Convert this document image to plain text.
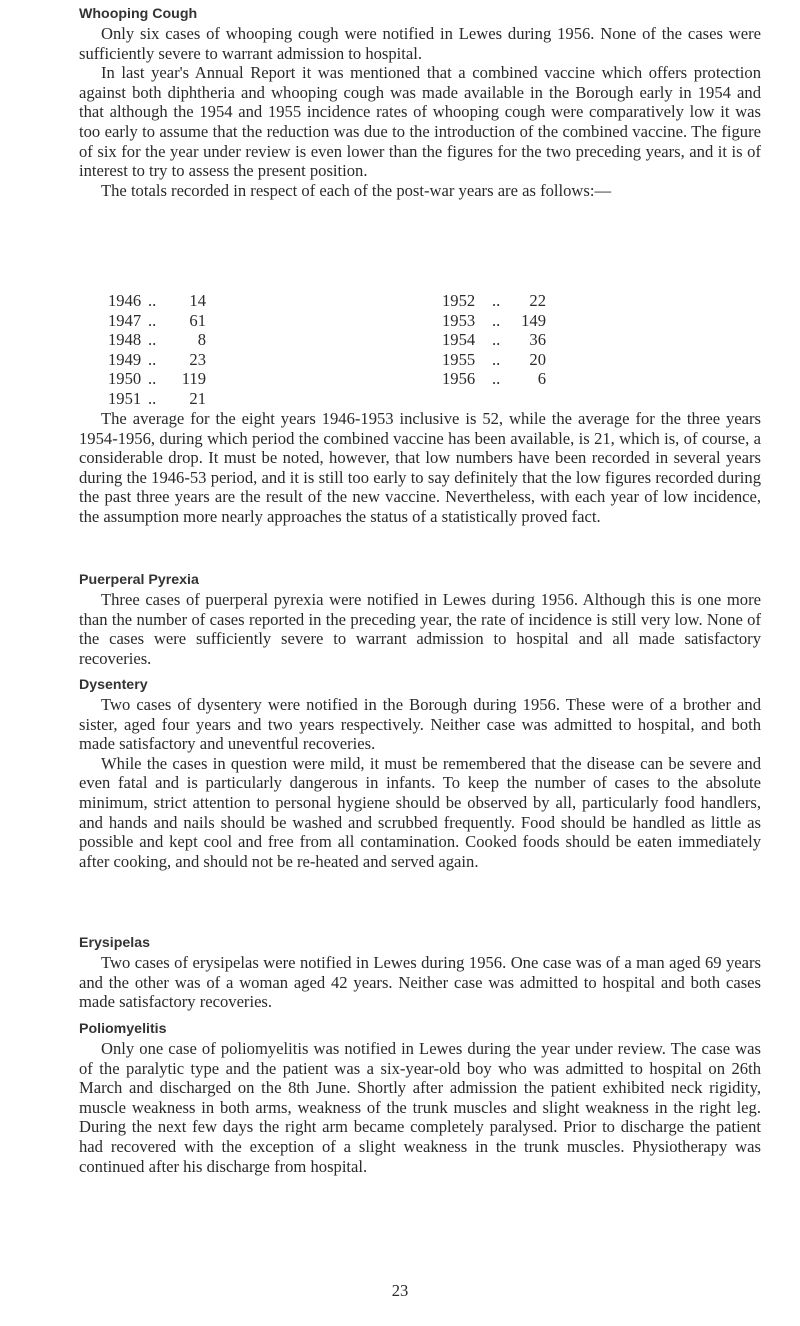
Whooping Cough

Only six cases of whooping cough were notified in Lewes during 1956. None of the cases were sufficiently severe to warrant admission to hospital.

In last year's Annual Report it was mentioned that a combined vaccine which offers protection against both diphtheria and whooping cough was made available in the Borough early in 1954 and that although the 1954 and 1955 incidence rates of whooping cough were comparatively low it was too early to assume that the reduction was due to the introduction of the combined vaccine. The figure of six for the year under review is even lower than the figures for the two preceding years, and it is of interest to try to assess the present position.

The totals recorded in respect of each of the post-war years are as follows:—

1946 ..	14	1952 ..	22
1947 ..	61	1953 ..	149
1948 ..	8	1954 ..	36
1949 ..	23	1955 ..	20
1950 ..	119	1956 ..	6
1951 ..	21

The average for the eight years 1946-1953 inclusive is 52, while the average for the three years 1954-1956, during which period the combined vaccine has been available, is 21, which is, of course, a considerable drop. It must be noted, however, that low numbers have been recorded in several years during the 1946-53 period, and it is still too early to say definitely that the low figures recorded during the past three years are the result of the new vaccine. Nevertheless, with each year of low incidence, the assumption more nearly approaches the status of a statistically proved fact.

Puerperal Pyrexia

Three cases of puerperal pyrexia were notified in Lewes during 1956. Although this is one more than the number of cases reported in the preceding year, the rate of incidence is still very low. None of the cases were sufficiently severe to warrant admission to hospital and all made satisfactory recoveries.

Dysentery

Two cases of dysentery were notified in the Borough during 1956. These were of a brother and sister, aged four years and two years respectively. Neither case was admitted to hospital, and both made satisfactory and uneventful recoveries.

While the cases in question were mild, it must be remembered that the disease can be severe and even fatal and is particularly dangerous in infants. To keep the number of cases to the absolute minimum, strict attention to personal hygiene should be observed by all, particularly food handlers, and hands and nails should be washed and scrubbed frequently. Food should be handled as little as possible and kept cool and free from all contamination. Cooked foods should be eaten immediately after cooking, and should not be re-heated and served again.

Erysipelas

Two cases of erysipelas were notified in Lewes during 1956. One case was of a man aged 69 years and the other was of a woman aged 42 years. Neither case was admitted to hospital and both cases made satisfactory recoveries.

Poliomyelitis

Only one case of poliomyelitis was notified in Lewes during the year under review. The case was of the paralytic type and the patient was a six-year-old boy who was admitted to hospital on 26th March and discharged on the 8th June. Shortly after admission the patient exhibited neck rigidity, muscle weakness in both arms, weakness of the trunk muscles and slight weakness in the right leg. During the next few days the right arm became completely paralysed. Prior to discharge the patient had recovered with the exception of a slight weakness in the trunk muscles. Physiotherapy was continued after his discharge from hospital.

23
